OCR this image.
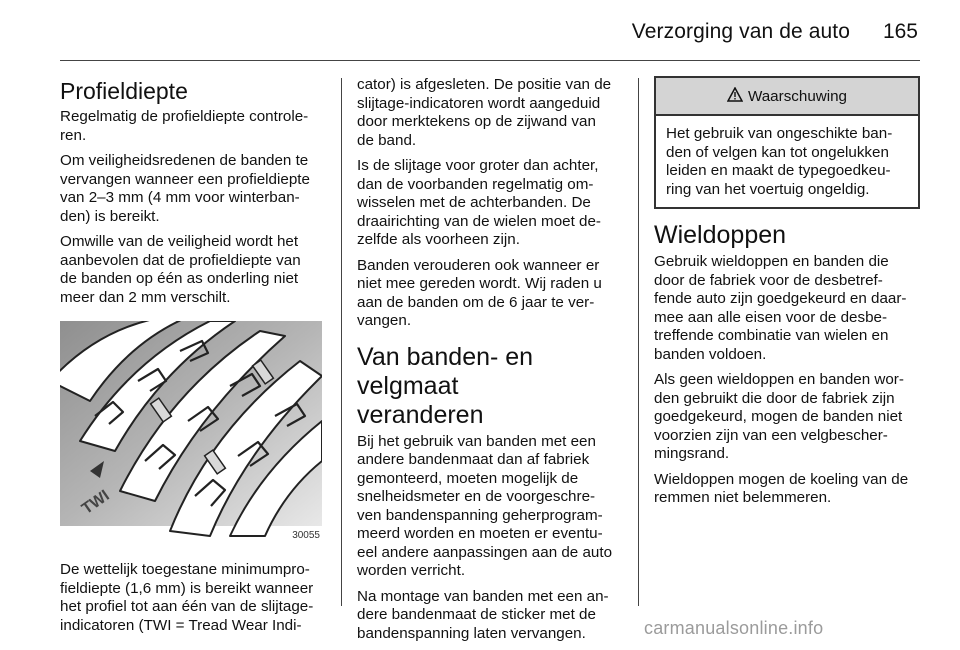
Verzorging van de auto	165
Profieldiepte

Regelmatig de profieldiepte controle-
ren.

Om veiligheidsredenen de banden te
vervangen wanneer een profieldiepte
van 2–3 mm (4 mm voor winterban-
den) is bereikt.

Omwille van de veiligheid wordt het
aanbevolen dat de profieldiepte van
de banden op één as onderling niet
meer dan 2 mm verschilt.

TWI
30055

De wettelijk toegestane minimumpro-
fieldiepte (1,6 mm) is bereikt wanneer
het profiel tot aan één van de slijtage-
indicatoren (TWI = Tread Wear Indi-

cator) is afgesleten. De positie van de
slijtage-indicatoren wordt aangeduid
door merktekens op de zijwand van
de band.

Is de slijtage voor groter dan achter,
dan de voorbanden regelmatig om-
wisselen met de achterbanden. De
draairichting van de wielen moet de-
zelfde als voorheen zijn.

Banden verouderen ook wanneer er
niet mee gereden wordt. Wij raden u
aan de banden om de 6 jaar te ver-
vangen.

Van banden- en velgmaat
veranderen

Bij het gebruik van banden met een
andere bandenmaat dan af fabriek
gemonteerd, moeten mogelijk de
snelheidsmeter en de voorgeschre-
ven bandenspanning geherprogram-
meerd worden en moeten er eventu-
eel andere aanpassingen aan de auto
worden verricht.

Na montage van banden met een an-
dere bandenmaat de sticker met de
bandenspanning laten vervangen.

Waarschuwing

Het gebruik van ongeschikte ban-
den of velgen kan tot ongelukken
leiden en maakt de typegoedkeu-
ring van het voertuig ongeldig.

Wieldoppen

Gebruik wieldoppen en banden die
door de fabriek voor de desbetref-
fende auto zijn goedgekeurd en daar-
mee aan alle eisen voor de desbe-
treffende combinatie van wielen en
banden voldoen.

Als geen wieldoppen en banden wor-
den gebruikt die door de fabriek zijn
goedgekeurd, mogen de banden niet
voorzien zijn van een velgbescher-
mingsrand.

Wieldoppen mogen de koeling van de
remmen niet belemmeren.

carmanualsonline.info
